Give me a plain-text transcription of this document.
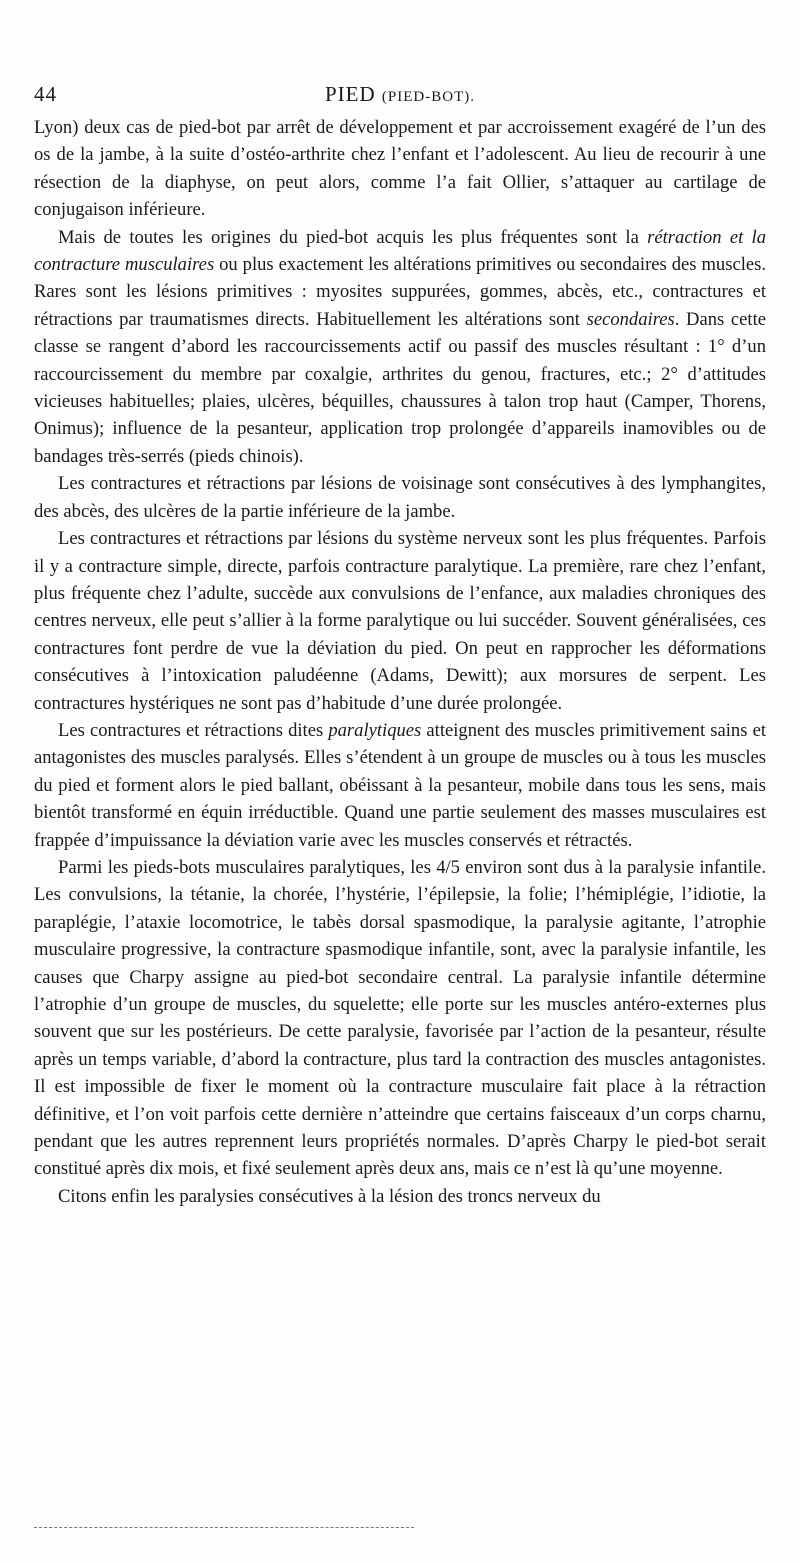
44	PIED (PIED-BOT).

Lyon) deux cas de pied-bot par arrêt de développement et par accroissement exagéré de l’un des os de la jambe, à la suite d’ostéo-arthrite chez l’enfant et l’adolescent. Au lieu de recourir à une résection de la diaphyse, on peut alors, comme l’a fait Ollier, s’attaquer au cartilage de conjugaison inférieure.

Mais de toutes les origines du pied-bot acquis les plus fréquentes sont la rétraction et la contracture musculaires ou plus exactement les altérations primitives ou secondaires des muscles. Rares sont les lésions primitives : myosites suppurées, gommes, abcès, etc., contractures et rétractions par traumatismes directs. Habituellement les altérations sont secondaires. Dans cette classe se rangent d’abord les raccourcissements actif ou passif des muscles résultant : 1° d’un raccourcissement du membre par coxalgie, arthrites du genou, fractures, etc.; 2° d’attitudes vicieuses habituelles; plaies, ulcères, béquilles, chaussures à talon trop haut (Camper, Thorens, Onimus); influence de la pesanteur, application trop prolongée d’appareils inamovibles ou de bandages très-serrés (pieds chinois).

Les contractures et rétractions par lésions de voisinage sont consécutives à des lymphangites, des abcès, des ulcères de la partie inférieure de la jambe.

Les contractures et rétractions par lésions du système nerveux sont les plus fréquentes. Parfois il y a contracture simple, directe, parfois contracture paralytique. La première, rare chez l’enfant, plus fréquente chez l’adulte, succède aux convulsions de l’enfance, aux maladies chroniques des centres nerveux, elle peut s’allier à la forme paralytique ou lui succéder. Souvent généralisées, ces contractures font perdre de vue la déviation du pied. On peut en rapprocher les déformations consécutives à l’intoxication paludéenne (Adams, Dewitt); aux morsures de serpent. Les contractures hystériques ne sont pas d’habitude d’une durée prolongée.

Les contractures et rétractions dites paralytiques atteignent des muscles primitivement sains et antagonistes des muscles paralysés. Elles s’étendent à un groupe de muscles ou à tous les muscles du pied et forment alors le pied ballant, obéissant à la pesanteur, mobile dans tous les sens, mais bientôt transformé en équin irréductible. Quand une partie seulement des masses musculaires est frappée d’impuissance la déviation varie avec les muscles conservés et rétractés.

Parmi les pieds-bots musculaires paralytiques, les 4/5 environ sont dus à la paralysie infantile. Les convulsions, la tétanie, la chorée, l’hystérie, l’épilepsie, la folie; l’hémiplégie, l’idiotie, la paraplégie, l’ataxie locomotrice, le tabès dorsal spasmodique, la paralysie agitante, l’atrophie musculaire progressive, la contracture spasmodique infantile, sont, avec la paralysie infantile, les causes que Charpy assigne au pied-bot secondaire central. La paralysie infantile détermine l’atrophie d’un groupe de muscles, du squelette; elle porte sur les muscles antéro-externes plus souvent que sur les postérieurs. De cette paralysie, favorisée par l’action de la pesanteur, résulte après un temps variable, d’abord la contracture, plus tard la contraction des muscles antagonistes. Il est impossible de fixer le moment où la contracture musculaire fait place à la rétraction définitive, et l’on voit parfois cette dernière n’atteindre que certains faisceaux d’un corps charnu, pendant que les autres reprennent leurs propriétés normales. D’après Charpy le pied-bot serait constitué après dix mois, et fixé seulement après deux ans, mais ce n’est là qu’une moyenne.

Citons enfin les paralysies consécutives à la lésion des troncs nerveux du
